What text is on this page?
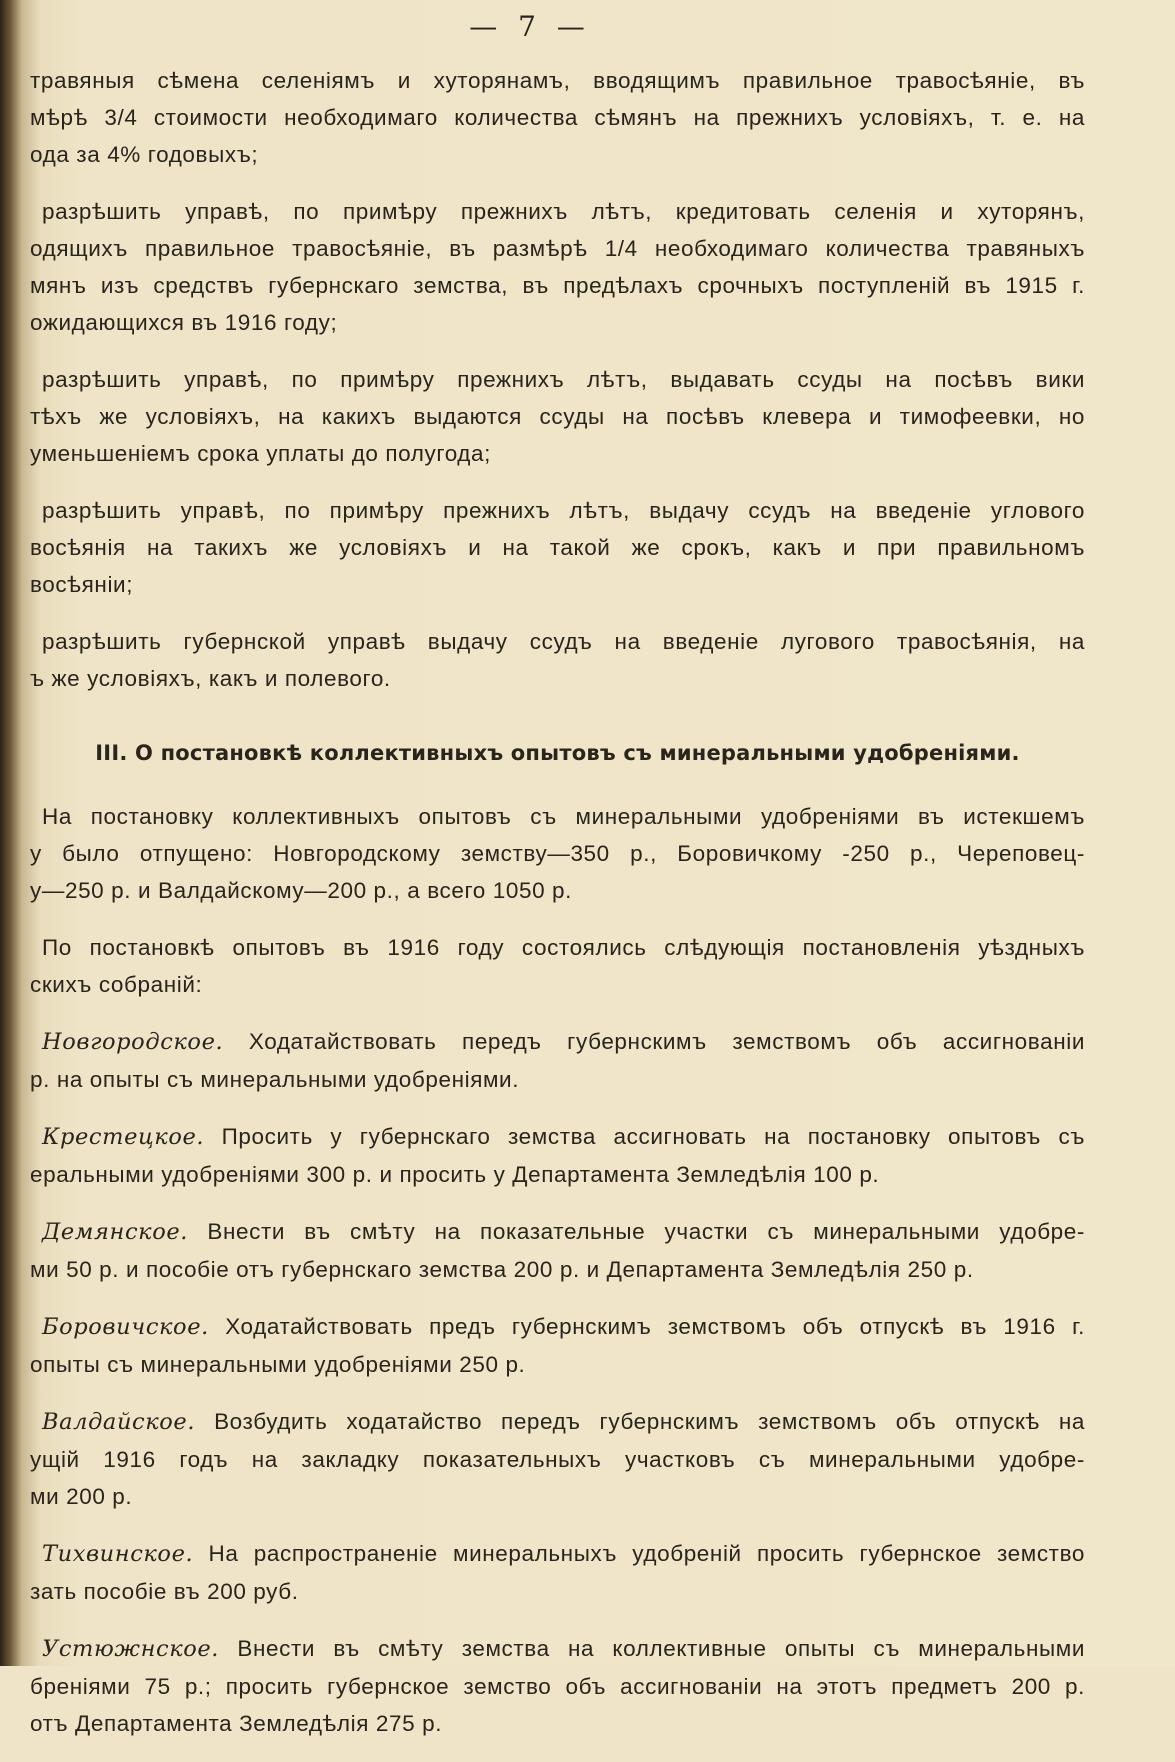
— 7 —

травяныя сѣмена селеніямъ и хуторянамъ, вводящимъ правильное травосѣяніе, въ
мѣрѣ 3/4 стоимости необходимаго количества сѣмянъ на прежнихъ условіяхъ, т. е. на
ода за 4% годовыхъ;

разрѣшить управѣ, по примѣру прежнихъ лѣтъ, кредитовать селенія и хуторянъ,
одящихъ правильное травосѣяніе, въ размѣрѣ 1/4 необходимаго количества травяныхъ
мянъ изъ средствъ губернскаго земства, въ предѣлахъ срочныхъ поступленій въ 1915 г.
ожидающихся въ 1916 году;

разрѣшить управѣ, по примѣру прежнихъ лѣтъ, выдавать ссуды на посѣвъ вики
тѣхъ же условіяхъ, на какихъ выдаются ссуды на посѣвъ клевера и тимофеевки, но
уменьшеніемъ срока уплаты до полугода;

разрѣшить управѣ, по примѣру прежнихъ лѣтъ, выдачу ссудъ на введеніе углового
восѣянія на такихъ же условіяхъ и на такой же срокъ, какъ и при правильномъ
восѣяніи;

разрѣшить губернской управѣ выдачу ссудъ на введеніе лугового травосѣянія, на
ъ же условіяхъ, какъ и полевого.

III. О постановкѣ коллективныхъ опытовъ съ минеральными удобреніями.

На постановку коллективныхъ опытовъ съ минеральными удобреніями въ истекшемъ
у было отпущено: Новгородскому земству—350 р., Боровичкому -250 р., Череповец-
у—250 р. и Валдайскому—200 р., а всего 1050 р.

По постановкѣ опытовъ въ 1916 году состоялись слѣдующія постановленія уѣздныхъ
скихъ собраній:

Новгородское. Ходатайствовать передъ губернскимъ земствомъ объ ассигнованіи
р. на опыты съ минеральными удобреніями.

Крестецкое. Просить у губернскаго земства ассигновать на постановку опытовъ съ
еральными удобреніями 300 р. и просить у Департамента Земледѣлія 100 р.

Демянское. Внести въ смѣту на показательные участки съ минеральными удобре-
ми 50 р. и пособіе отъ губернскаго земства 200 р. и Департамента Земледѣлія 250 р.

Боровичское. Ходатайствовать предъ губернскимъ земствомъ объ отпускѣ въ 1916 г.
опыты съ минеральными удобреніями 250 р.

Валдайское. Возбудить ходатайство передъ губернскимъ земствомъ объ отпускѣ на
ущій 1916 годъ на закладку показательныхъ участковъ съ минеральными удобре-
ми 200 р.

Тихвинское. На распространеніе минеральныхъ удобреній просить губернское земство
зать пособіе въ 200 руб.

Устюжнское. Внести въ смѣту земства на коллективные опыты съ минеральными
бреніями 75 р.; просить губернское земство объ ассигнованіи на этотъ предметъ 200 р.
отъ Департамента Земледѣлія 275 р.
